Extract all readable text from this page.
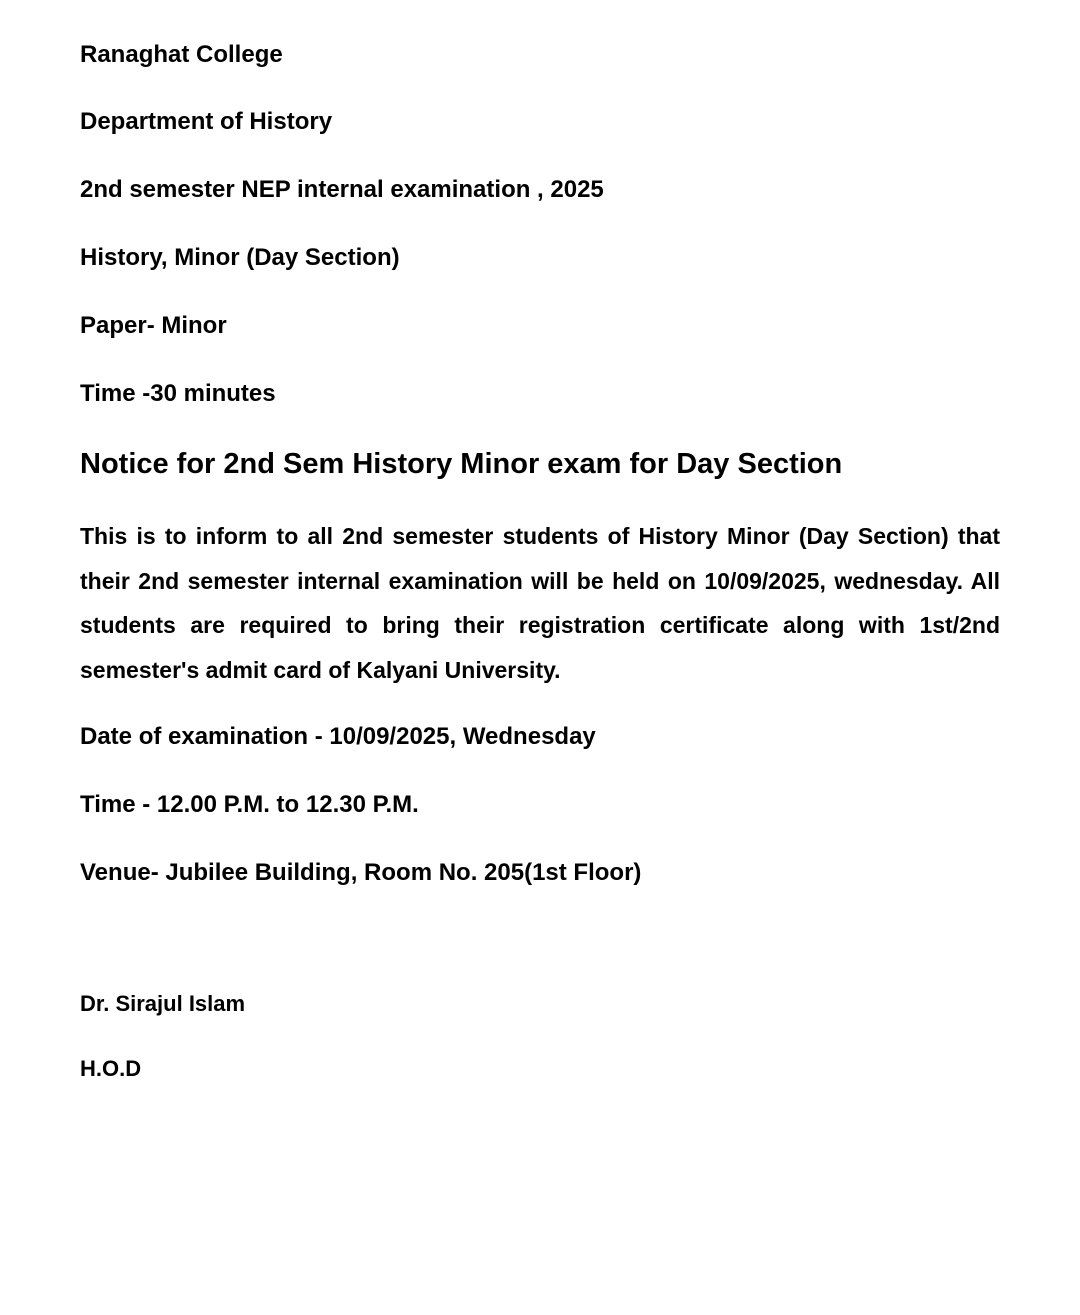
Ranaghat College

Department of History

2nd semester NEP internal examination , 2025

History, Minor (Day Section)

Paper- Minor

Time -30 minutes

Notice for 2nd Sem History Minor exam for Day Section

This is to inform to all 2nd semester students of History Minor (Day Section) that their 2nd semester internal examination will be held on 10/09/2025, wednesday. All students are required to bring their registration certificate along with 1st/2nd semester's admit card of Kalyani University.

Date of examination - 10/09/2025, Wednesday

Time - 12.00 P.M. to 12.30 P.M.

Venue- Jubilee Building, Room No. 205(1st Floor)

Dr. Sirajul Islam

H.O.D
